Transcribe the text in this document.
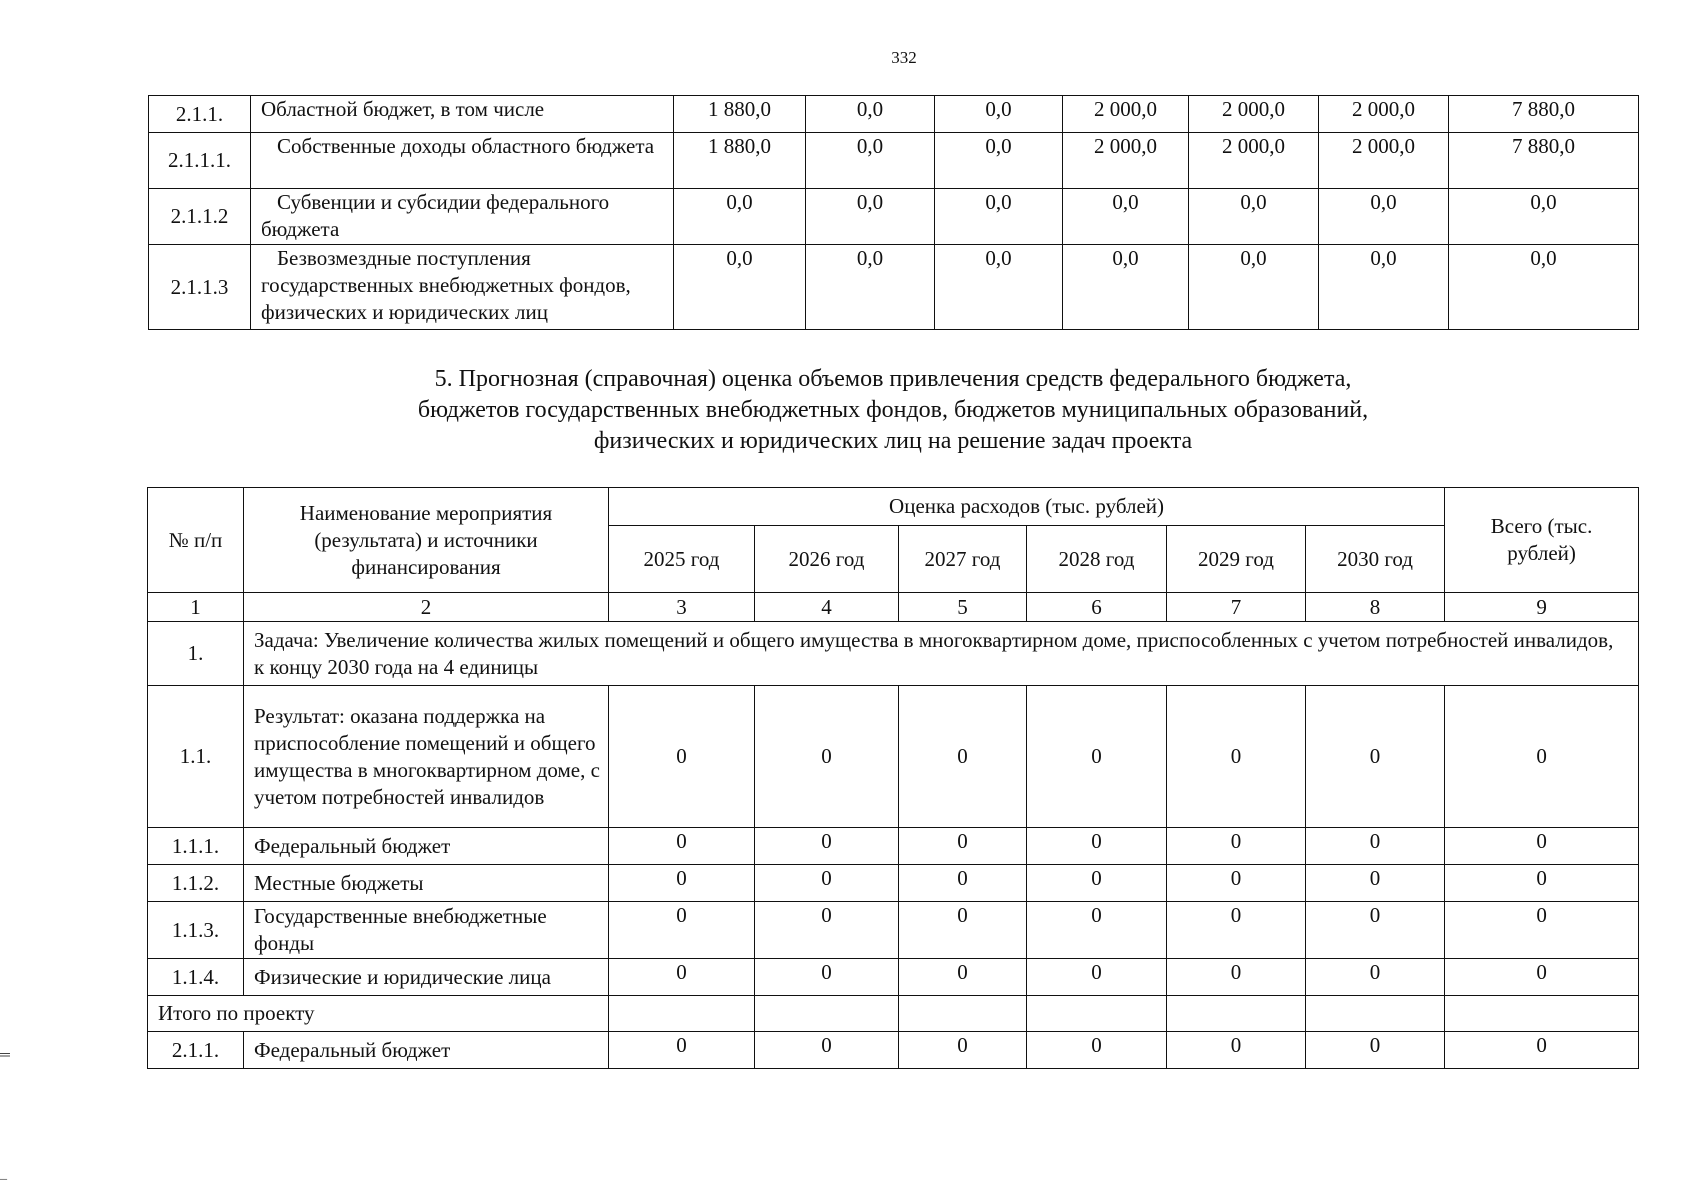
332
2.1.1.	Областной бюджет, в том числе	1 880,0	0,0	0,0	2 000,0	2 000,0	2 000,0	7 880,0
2.1.1.1.	Собственные доходы областного бюджета	1 880,0	0,0	0,0	2 000,0	2 000,0	2 000,0	7 880,0
2.1.1.2	Субвенции и субсидии федерального бюджета	0,0	0,0	0,0	0,0	0,0	0,0	0,0
2.1.1.3	Безвозмездные поступления государственных внебюджетных фондов, физических и юридических лиц	0,0	0,0	0,0	0,0	0,0	0,0	0,0
5. Прогнозная (справочная) оценка объемов привлечения средств федерального бюджета,
бюджетов государственных внебюджетных фондов, бюджетов муниципальных образований,
физических и юридических лиц на решение задач проекта
№ п/п	Наименование мероприятия (результата) и источники финансирования	Оценка расходов (тыс. рублей)						Всего (тыс. рублей)
		2025 год	2026 год	2027 год	2028 год	2029 год	2030 год	
1	2	3	4	5	6	7	8	9
1.	Задача: Увеличение количества жилых помещений и общего имущества в многоквартирном доме, приспособленных с учетом потребностей инвалидов, к концу 2030 года на 4 единицы							
1.1.	Результат: оказана поддержка на приспособление помещений и общего имущества в многоквартирном доме, с учетом потребностей инвалидов	0	0	0	0	0	0	0
1.1.1.	Федеральный бюджет	0	0	0	0	0	0	0
1.1.2.	Местные бюджеты	0	0	0	0	0	0	0
1.1.3.	Государственные внебюджетные фонды	0	0	0	0	0	0	0
1.1.4.	Физические и юридические лица	0	0	0	0	0	0	0
Итого по проекту								
2.1.1.	Федеральный бюджет	0	0	0	0	0	0	0
═
_
